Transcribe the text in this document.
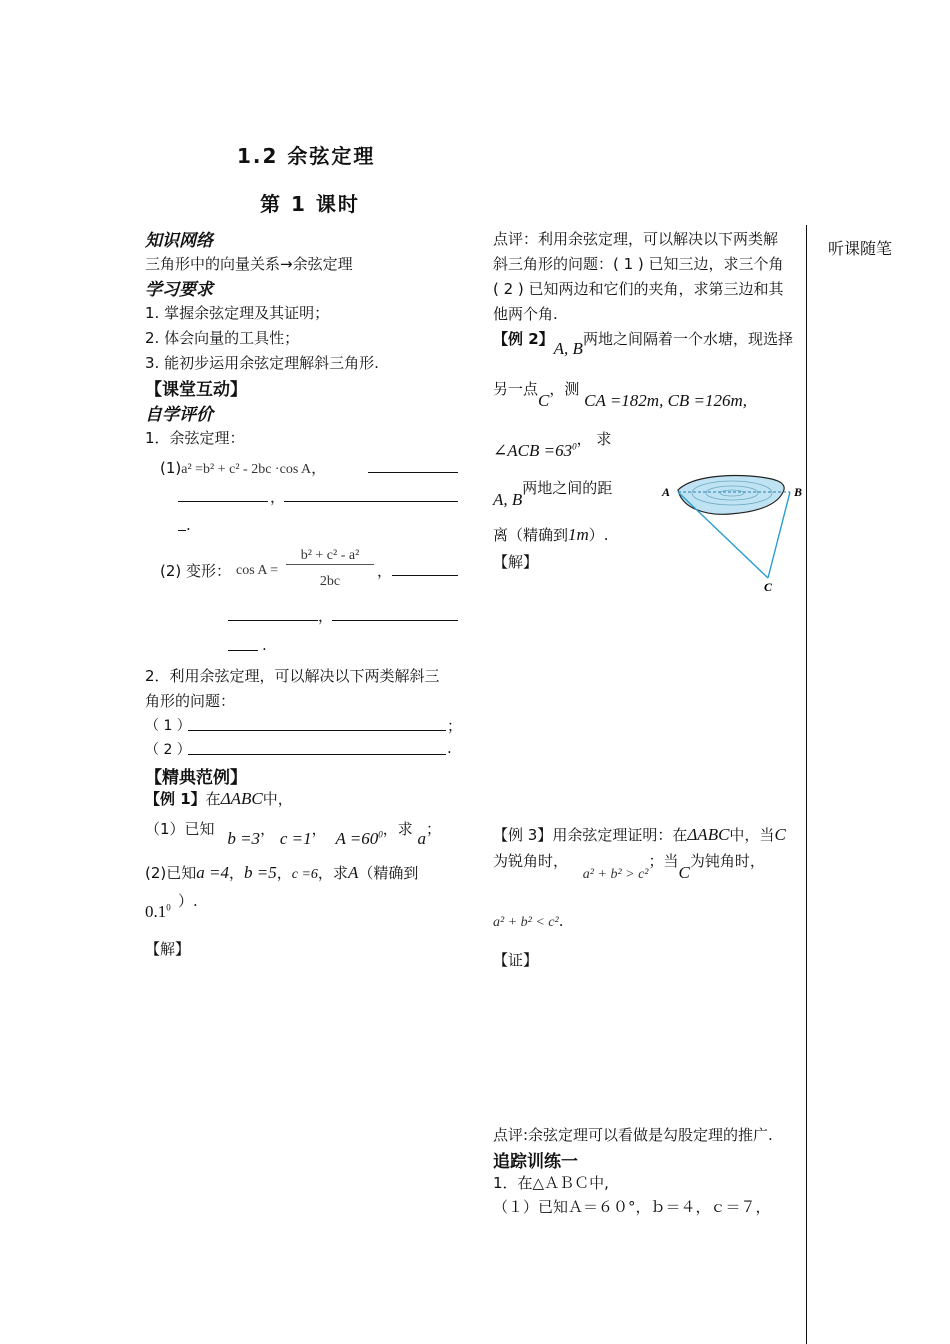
1.2 余弦定理
第 1 课时
听课随笔
知识网络
三角形中的向量关系→余弦定理
学习要求
1. 掌握余弦定理及其证明；
2. 体会向量的工具性；
3. 能初步运用余弦定理解斜三角形.
【课堂互动】
自学评价
1．余弦定理：
(1)a² =b² + c² - 2bc ·cos A，
，
.
(2) 变形： cos A =
b² + c² - a²
2bc
，
，
.
2．利用余弦定理，可以解决以下两类解斜三
角形的问题：
（ 1 ）	；
（ 2 ）	.
【精典范例】
【例 1】在ΔABC中，
（1）已知 b =3， c =1， $A =60^0$，求 a；
(2)已知a =4，b =5，c =6，求A（精确到
$0.1^0$ ）.
【解】
点评：利用余弦定理，可以解决以下两类解
斜三角形的问题：( 1 ) 已知三边，求三个角
( 2 ) 已知两边和它们的夹角，求第三边和其
他两个角.
【例 2】A, B两地之间隔着一个水塘，现选择
另一点C，测 CA =182m, CB =126m,
∠ACB $=63^0$， 求
A, B两地之间的距
离（精确到1m）.
【解】
A	B
C
【例 3】用余弦定理证明：在ΔABC中，当C
为锐角时， a² + b² > c²；当C为钝角时，
a² + b² < c².
【证】
点评:余弦定理可以看做是勾股定理的推广.
追踪训练一
1．在△ＡＢＣ中,
（１）已知Ａ＝６０°，ｂ＝４，ｃ＝７，
